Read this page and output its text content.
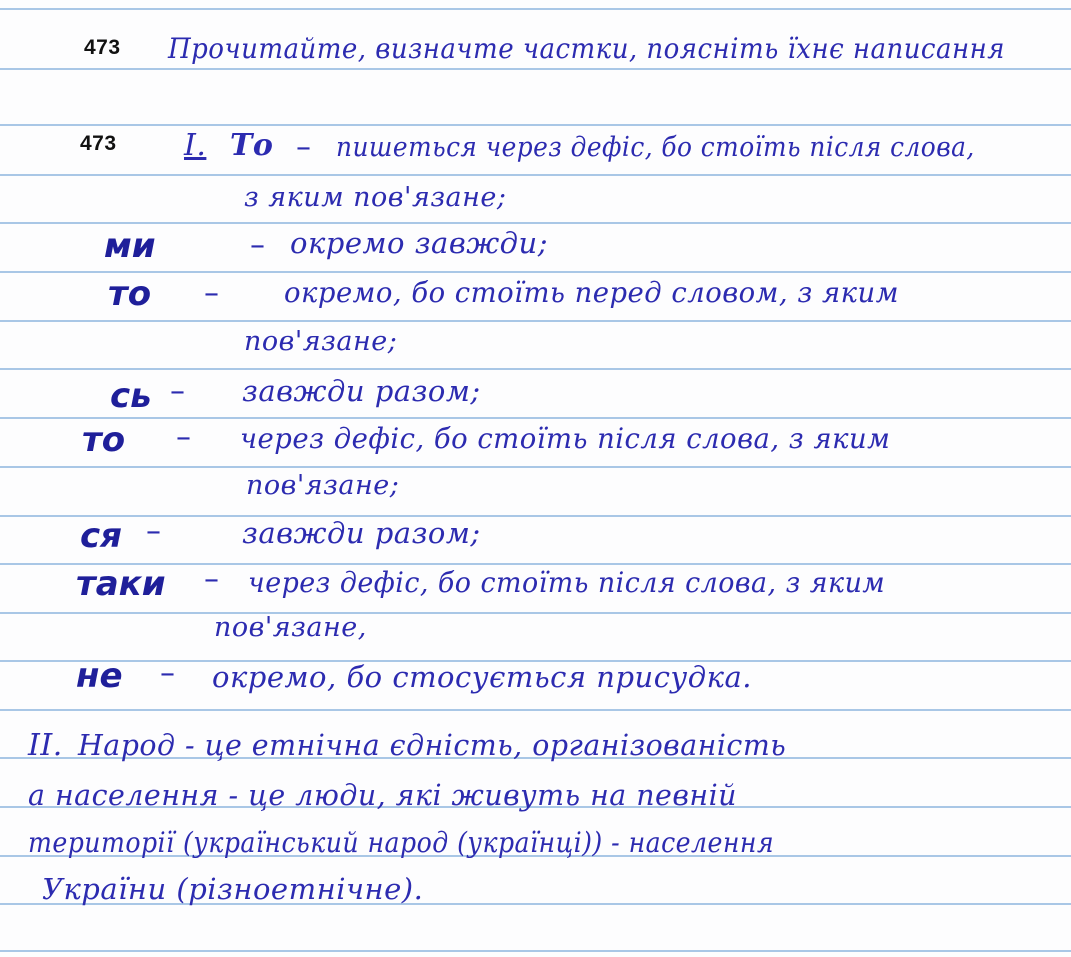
473 Прочитайте, визначте частки, поясніть їхнє написання
473 І. То – пишеться через дефіс, бо стоїть після слова,
з яким пов'язане;
ми	– окремо завжди;
то – окремо, бо стоїть перед словом, з яким
пов'язане;
сь – завжди разом;
то – через дефіс, бо стоїть після слова, з яким
пов'язане;
ся –	завжди разом;
таки – через дефіс, бо стоїть після слова, з яким
пов'язане,
не – окремо, бо стосується присудка.
ІІ. Народ - це етнічна єдність, організованість
а населення - це люди, які живуть на певній
території (український народ (українці)) - населення
України (різноетнічне).
